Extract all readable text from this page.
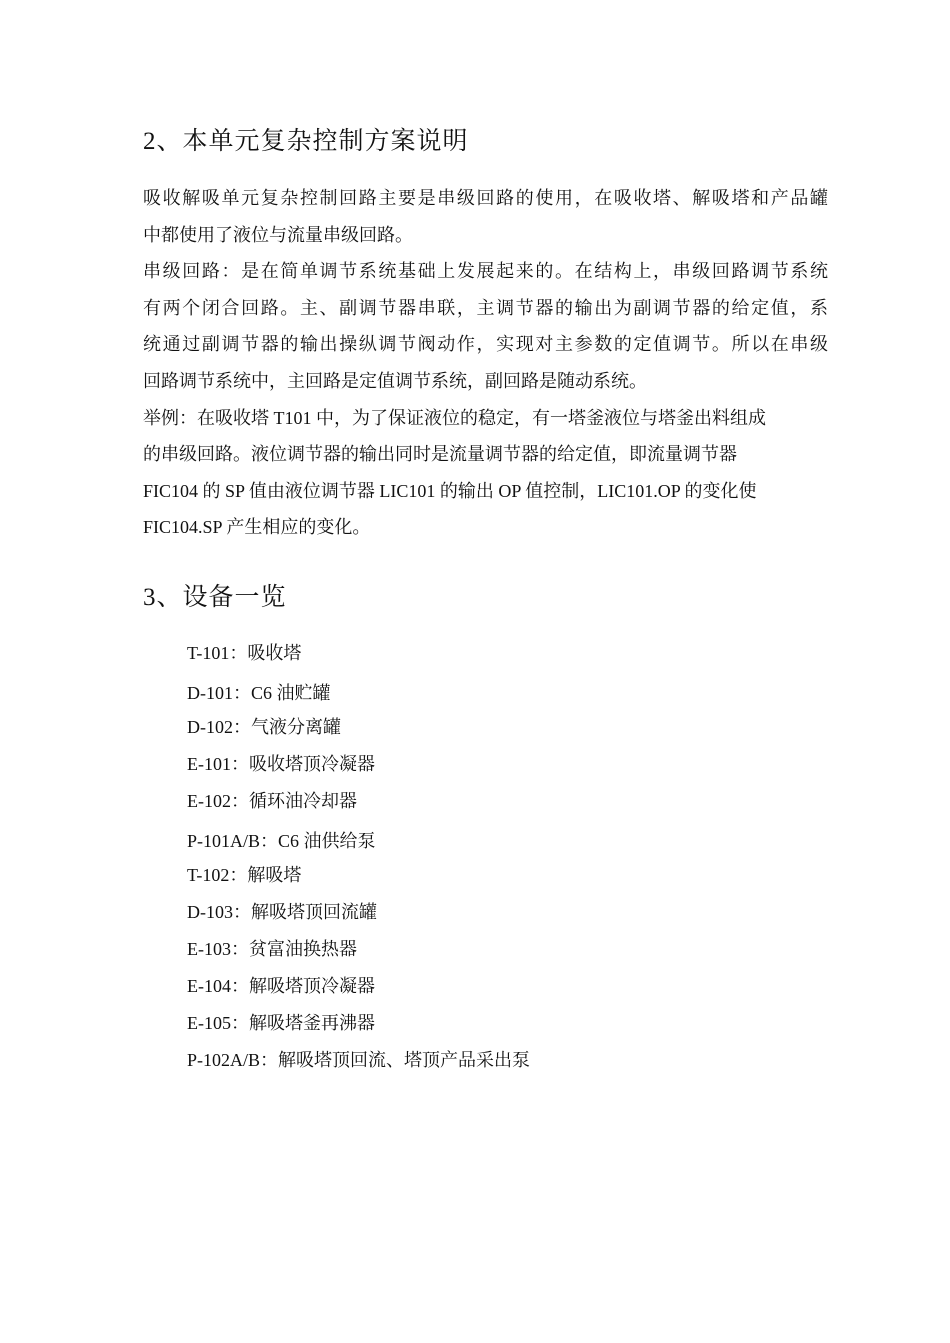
2、本单元复杂控制方案说明
吸收解吸单元复杂控制回路主要是串级回路的使用，在吸收塔、解吸塔和产品罐
中都使用了液位与流量串级回路。
串级回路：是在简单调节系统基础上发展起来的。在结构上，串级回路调节系统
有两个闭合回路。主、副调节器串联，主调节器的输出为副调节器的给定值，系
统通过副调节器的输出操纵调节阀动作，实现对主参数的定值调节。所以在串级
回路调节系统中，主回路是定值调节系统，副回路是随动系统。
举例：在吸收塔 T101 中，为了保证液位的稳定，有一塔釜液位与塔釜出料组成
的串级回路。液位调节器的输出同时是流量调节器的给定值，即流量调节器
FIC104 的 SP 值由液位调节器 LIC101 的输出 OP 值控制，LIC101.OP 的变化使
FIC104.SP 产生相应的变化。
3、设备一览
T-101：吸收塔
D-101：C6 油贮罐
D-102：气液分离罐
E-101：吸收塔顶冷凝器
E-102：循环油冷却器
P-101A/B：C6 油供给泵
T-102：解吸塔
D-103：解吸塔顶回流罐
E-103：贫富油换热器
E-104：解吸塔顶冷凝器
E-105：解吸塔釜再沸器
P-102A/B：解吸塔顶回流、塔顶产品采出泵
